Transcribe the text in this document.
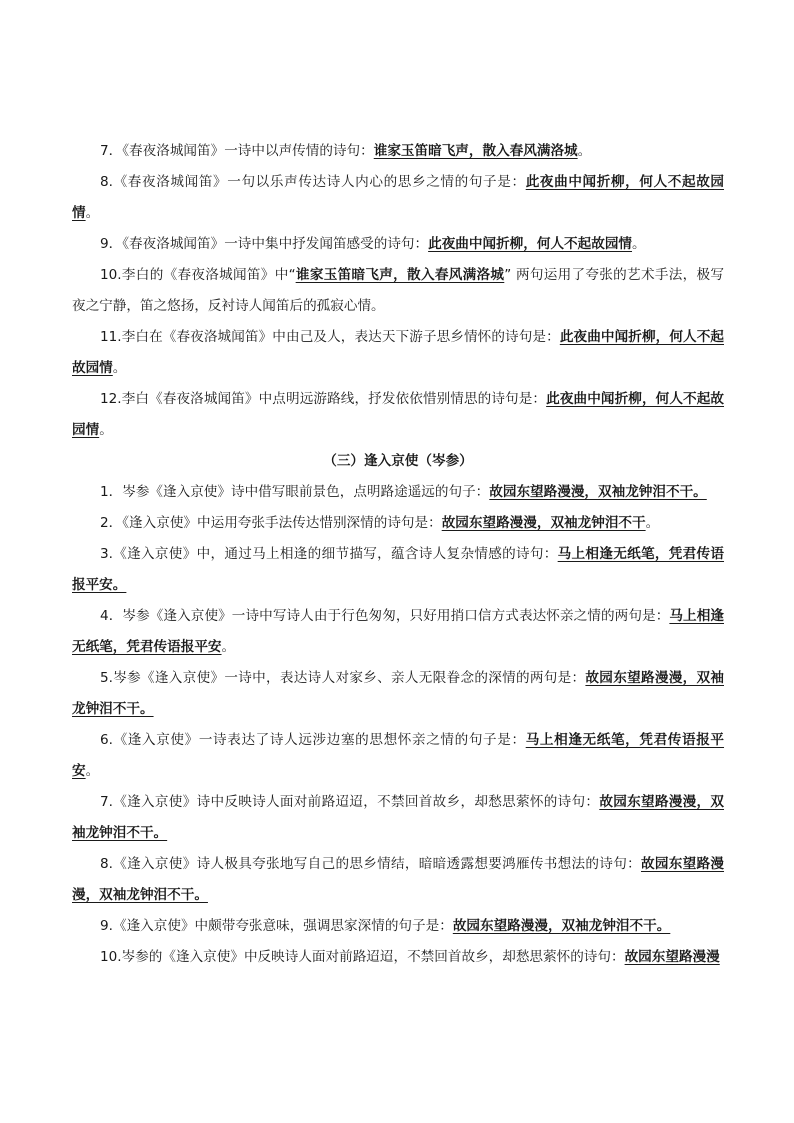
7．《春夜洛城闻笛》一诗中以声传情的诗句：谁家玉笛暗飞声，散入春风满洛城。

8.《春夜洛城闻笛》一句以乐声传达诗人内心的思乡之情的句子是：此夜曲中闻折柳，何人不起故园情。

9．《春夜洛城闻笛》一诗中集中抒发闻笛感受的诗句：此夜曲中闻折柳，何人不起故园情。

10.李白的《春夜洛城闻笛》中“谁家玉笛暗飞声，散入春风满洛城” 两句运用了夸张的艺术手法，极写夜之宁静，笛之悠扬，反衬诗人闻笛后的孤寂心情。

11.李白在《春夜洛城闻笛》中由己及人，表达天下游子思乡情怀的诗句是：此夜曲中闻折柳，何人不起故园情。

12.李白《春夜洛城闻笛》中点明远游路线，抒发依依惜别情思的诗句是：此夜曲中闻折柳，何人不起故园情。

（三）逢入京使（岑参）

1．岑参《逢入京使》诗中借写眼前景色，点明路途遥远的句子：故园东望路漫漫，双袖龙钟泪不干。

2．《逢入京使》中运用夸张手法传达惜别深情的诗句是：故园东望路漫漫，双袖龙钟泪不干。

3.《逢入京使》中，通过马上相逢的细节描写，蕴含诗人复杂情感的诗句：马上相逢无纸笔，凭君传语报平安。

4．岑参《逢入京使》一诗中写诗人由于行色匆匆，只好用捎口信方式表达怀亲之情的两句是：马上相逢无纸笔，凭君传语报平安。

5.岑参《逢入京使》一诗中，表达诗人对家乡、亲人无限眷念的深情的两句是：故园东望路漫漫，双袖龙钟泪不干。

6.《逢入京使》一诗表达了诗人远涉边塞的思想怀亲之情的句子是：马上相逢无纸笔，凭君传语报平安。

7.《逢入京使》诗中反映诗人面对前路迢迢，不禁回首故乡，却愁思萦怀的诗句：故园东望路漫漫，双袖龙钟泪不干。

8.《逢入京使》诗人极具夸张地写自己的思乡情结，暗暗透露想要鸿雁传书想法的诗句：故园东望路漫漫，双袖龙钟泪不干。

9.《逢入京使》中颇带夸张意味，强调思家深情的句子是：故园东望路漫漫，双袖龙钟泪不干。

10.岑参的《逢入京使》中反映诗人面对前路迢迢，不禁回首故乡，却愁思萦怀的诗句：故园东望路漫漫
